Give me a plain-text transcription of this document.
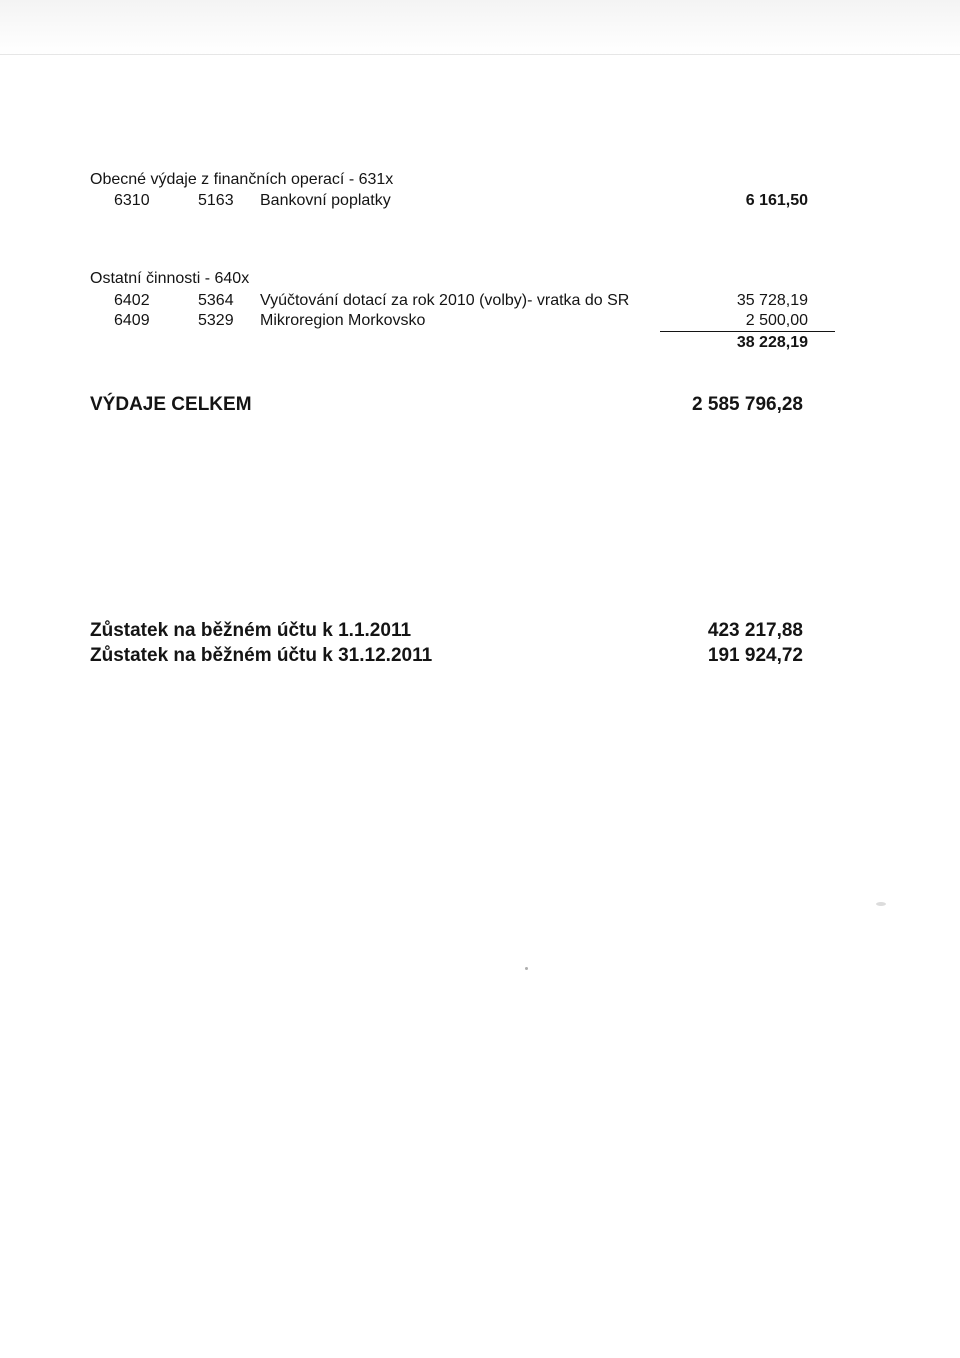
Obecné výdaje z finančních operací - 631x
6310	5163 Bankovní poplatky	6 161,50
Ostatní činnosti - 640x
6402	5364 Vyúčtování dotací za rok 2010 (volby)- vratka do SR	35 728,19
6409	5329 Mikroregion Morkovsko	2 500,00
38 228,19
VÝDAJE CELKEM	2 585 796,28
Zůstatek na běžném účtu k 1.1.2011	423 217,88
Zůstatek na běžném účtu k 31.12.2011	191 924,72
